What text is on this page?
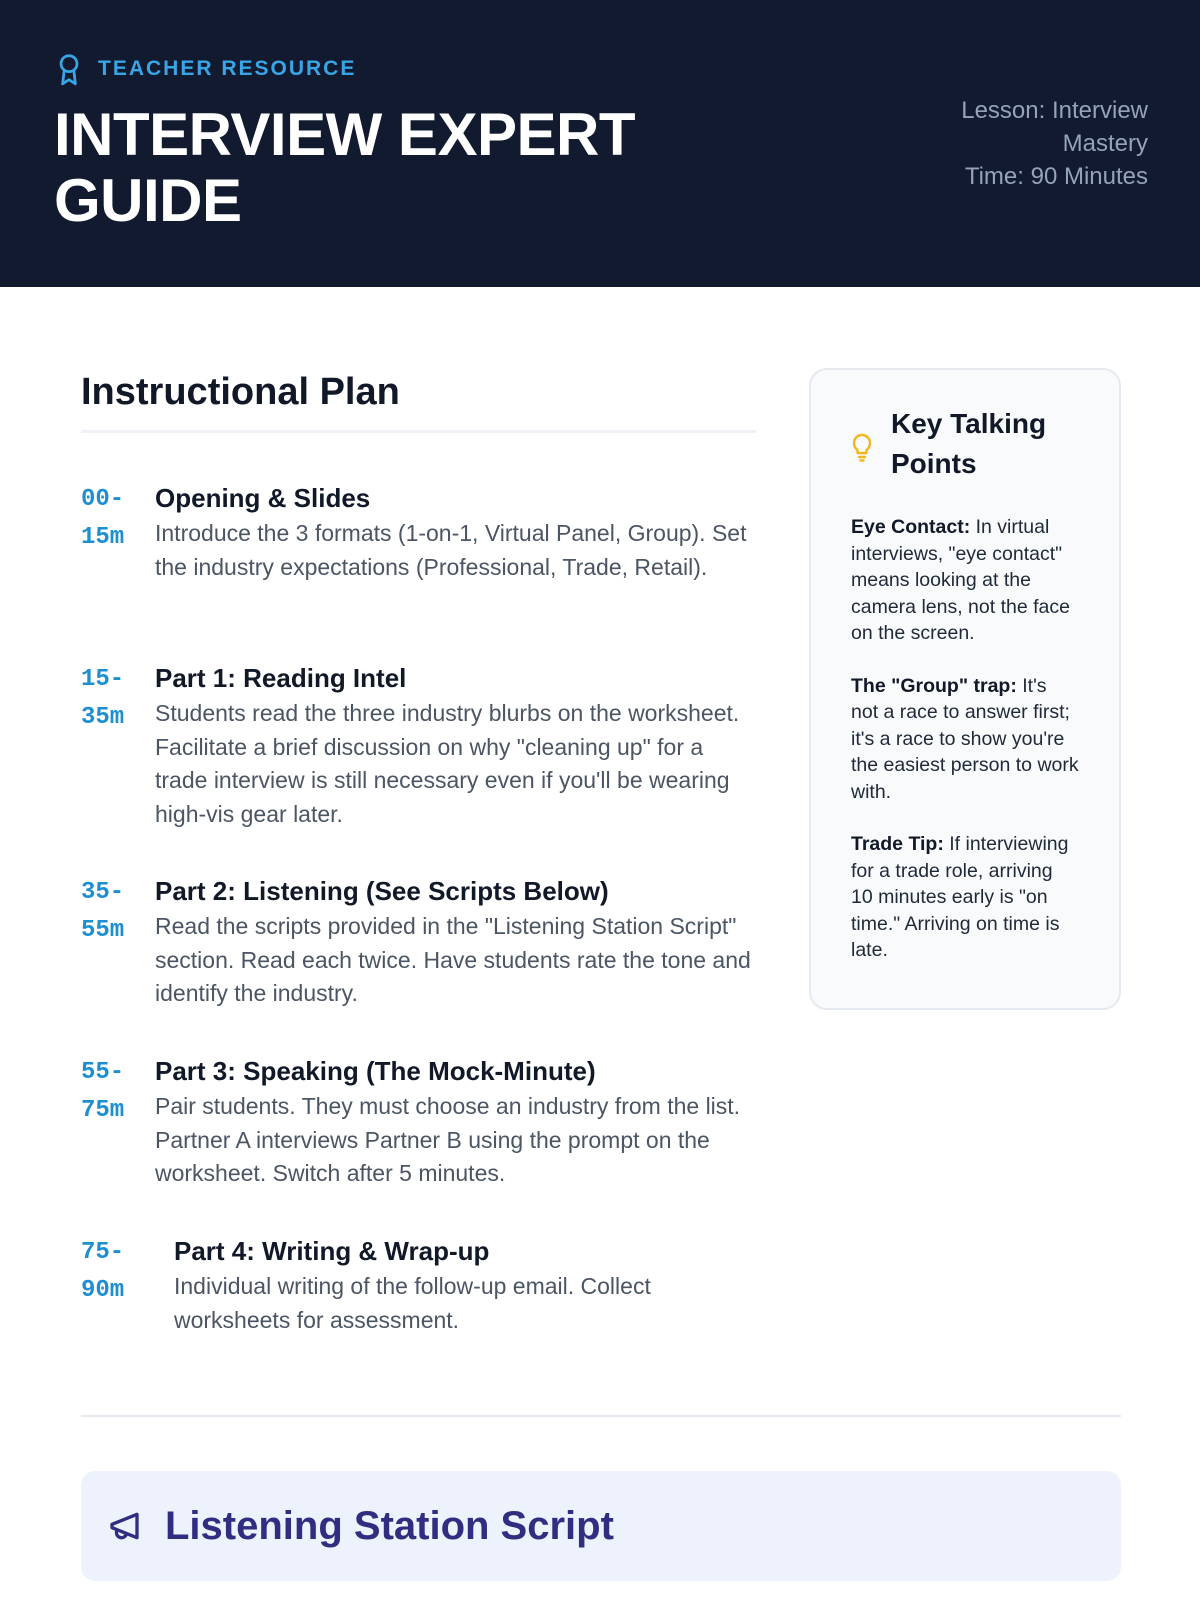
TEACHER RESOURCE
INTERVIEW EXPERT GUIDE
Lesson: Interview Mastery
Time: 90 Minutes
Instructional Plan
00-15m
Opening & Slides
Introduce the 3 formats (1-on-1, Virtual Panel, Group). Set the industry expectations (Professional, Trade, Retail).
15-35m
Part 1: Reading Intel
Students read the three industry blurbs on the worksheet. Facilitate a brief discussion on why "cleaning up" for a trade interview is still necessary even if you'll be wearing high-vis gear later.
35-55m
Part 2: Listening (See Scripts Below)
Read the scripts provided in the "Listening Station Script" section. Read each twice. Have students rate the tone and identify the industry.
55-75m
Part 3: Speaking (The Mock-Minute)
Pair students. They must choose an industry from the list. Partner A interviews Partner B using the prompt on the worksheet. Switch after 5 minutes.
75-90m
Part 4: Writing & Wrap-up
Individual writing of the follow-up email. Collect worksheets for assessment.
Key Talking Points

Eye Contact: In virtual interviews, "eye contact" means looking at the camera lens, not the face on the screen.

The "Group" trap: It's not a race to answer first; it's a race to show you're the easiest person to work with.

Trade Tip: If interviewing for a trade role, arriving 10 minutes early is "on time." Arriving on time is late.

Listening Station Script
